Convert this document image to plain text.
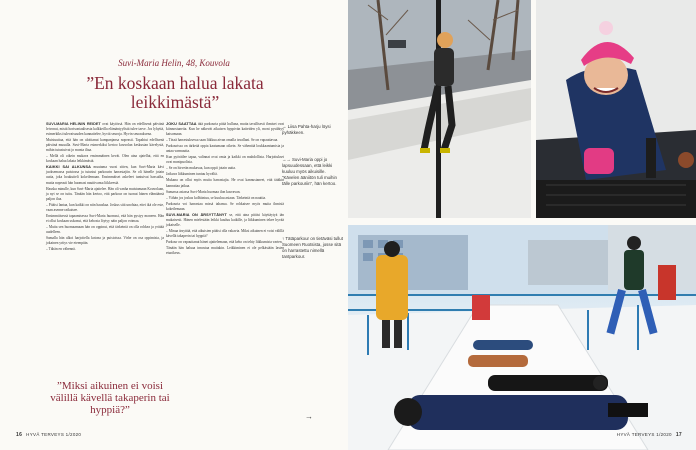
Suvi-Maria Helin, 48, Kouvola
”En koskaan halua lakata leikkimästä”

SUVI-MARIA HELININ REIDET ovat käytössä. Hän on edellisenä päivänä leivonut, mistä horisontaalisesta kalkkeilla elämäntyylistä tulee tarve. Jos lyhyttä, esimerkiksi tulevaisuuden kannattelee, hyviä seuroja. Hyvin seurauksena.

Muistuuttaa, että hän on aloittanut kampanjansa nopeasti. Tapahtui edellisenä päivänä muualla. Suvi-Maria esimerkiksi kertoo kouvolan keskustan kävelystä, mihin tutustuivat jo monta iltaa.

– Mellä oli oikein mukava ensimmäinen kevät. Olen aina ajatellut, että en koskaan halua lakata leikkimästä.

KAIKKI SAI ALKUNSA muutama vuosi sitten, kun Suvi-Maria kävi juoksemassa puistossa ja tutustui parkourin harrastajiin. Se oli hänelle jotain uutta, joka houkutteli kokeilemaan. Ensimmäiset askeleet tuntuivat hassuilta, mutta nopeasti hän huomasi nauttivansa liikkeestä.

Hauska minulle, kun Suvi-Maria ajattelee. Hän oli vanha muistamaan Kouvolaan, ja nyt se on tuttu. Tänään hän kertoo, että parkour on tuonut hänen elämäänsä paljon iloa.

– Pitäisi lantaa, kun kaikki on niin hauskaa. Joskus sitä unohtaa, ettei ikä ole este, vaan asenne ratkaisee.

Ensimmäisessä tapaamisessa Suvi-Maria huomasi, että hän pystyy moneen. Hän ei ollut koskaan uskonut, että kehosta löytyy näin paljon voimaa.

– Mutta sen huomaamaan hän on oppinut, että tärkeintä on olla rohkea ja yrittää uudelleen.

Samalla hän alkoi harjoitella kotona ja puistoissa. Virhe on osa oppimista, ja jokainen yritys vie eteenpäin.

– Tähän en vähennä.

JOKU SAATTAA tätä parkouria pitää hulluna, mutta tavallisesti ihmiset ovat kiinnostuneita. Kun he näkevät aikuisen hyppivän kaiteiden yli, moni pysähtyy katsomaan.

– Tässä harrastuksessa saan liikkua aivan omalla tavallani. Se on vapauttavaa.

Parkourissa on tärkeää oppia kaatumaan oikein. Se vähentää loukkaantumisia ja antaa varmuutta.

Kun pyöräilee tapaa, valinnat ovat omia ja kaikki on mahdollista. Harjoitukset ovat monipuolisia.

– Se on hirveän mukavaa, kun oppii jotain uutta.

Jatkuva liikkuminen tuntuu hyvältä.

Mukana on ollut myös muita harrastajia. He ovat kannustaneet, että tätäkin kannattaa jatkaa.

Samassa asiassa Suvi-Maria huomaa ilon kasvavan.

– Vähän jos joskus kolhiintuu, se kuuluu asiaan. Tärkeintä on nauttia.

Parkouria voi harrastaa missä tahansa. Se rohkaisee myös muita ihmisiä kokeilemaan.

SUVI-MARIA ON ÄRSYTTÄNYT se, että aina pitäisi käyttäytyä iän mukaisesti. Hänen mielestään leikki kuuluu kaikille, ja liikkuminen tekee hyvää jokaiselle.

– Minua ärsyttää, että aikuisten pitäisi olla vakavia. Miksi aikuinen ei voisi välillä kävellä takaperin tai hyppiä?

Parkour on vapauttanut hänet ajattelemaan, että keho on tehty liikkumista varten.

Tänään hän haluaa innostaa muitakin. Leikkiminen ei ole pelkästään lasten etuoikeus.

”Miksi aikuinen ei voisi välillä kävellä takaperin tai hyppiä?”
→
→ Liisa Pahta-harju löysi pyhäkkeen.
→→ Suvi-Maria oppi jo lapsuudessaan, että leikki kuuluu myös aikuisille. ”Kävelen ääniitön tuli muihin tälle parkouriin”, hän kertoo.
↑ Tätäparkour on tietäväsi tullut Suomeen Ruotsista, josse sitä on harrastettu nimellä tantparkour.
16 HYVÄ TERVEYS 1/2020	HYVÄ TERVEYS 1/2020 17
